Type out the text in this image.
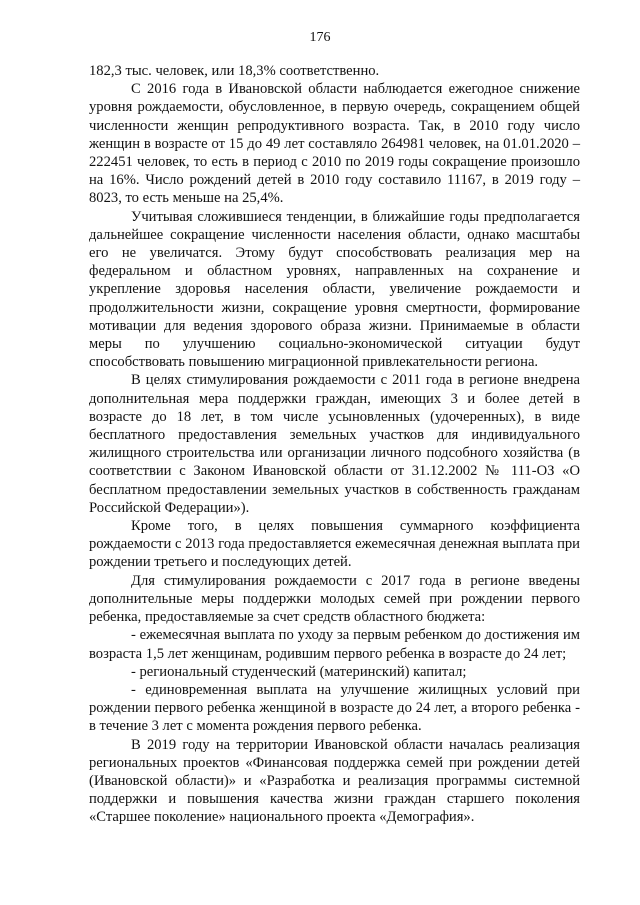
176

182,3 тыс. человек, или 18,3% соответственно.

С 2016 года в Ивановской области наблюдается ежегодное снижение уровня рождаемости, обусловленное, в первую очередь, сокращением общей численности женщин репродуктивного возраста. Так, в 2010 году число женщин в возрасте от 15 до 49 лет составляло 264981 человек, на 01.01.2020 – 222451 человек, то есть в период с 2010 по 2019 годы сокращение произошло на 16%. Число рождений детей в 2010 году составило 11167, в 2019 году – 8023, то есть меньше на 25,4%.

Учитывая сложившиеся тенденции, в ближайшие годы предполагается дальнейшее сокращение численности населения области, однако масштабы его не увеличатся. Этому будут способствовать реализация мер на федеральном и областном уровнях, направленных на сохранение и укрепление здоровья населения области, увеличение рождаемости и продолжительности жизни, сокращение уровня смертности, формирование мотивации для ведения здорового образа жизни. Принимаемые в области меры по улучшению социально-экономической ситуации будут способствовать повышению миграционной привлекательности региона.

В целях стимулирования рождаемости с 2011 года в регионе внедрена дополнительная мера поддержки граждан, имеющих 3 и более детей в возрасте до 18 лет, в том числе усыновленных (удочеренных), в виде бесплатного предоставления земельных участков для индивидуального жилищного строительства или организации личного подсобного хозяйства (в соответствии с Законом Ивановской области от 31.12.2002 № 111-ОЗ «О бесплатном предоставлении земельных участков в собственность гражданам Российской Федерации»).

Кроме того, в целях повышения суммарного коэффициента рождаемости с 2013 года предоставляется ежемесячная денежная выплата при рождении третьего и последующих детей.

Для стимулирования рождаемости с 2017 года в регионе введены дополнительные меры поддержки молодых семей при рождении первого ребенка, предоставляемые за счет средств областного бюджета:

- ежемесячная выплата по уходу за первым ребенком до достижения им возраста 1,5 лет женщинам, родившим первого ребенка в возрасте до 24 лет;

- региональный студенческий (материнский) капитал;

- единовременная выплата на улучшение жилищных условий при рождении первого ребенка женщиной в возрасте до 24 лет, а второго ребенка - в течение 3 лет с момента рождения первого ребенка.

В 2019 году на территории Ивановской области началась реализация региональных проектов «Финансовая поддержка семей при рождении детей (Ивановской области)» и «Разработка и реализация программы системной поддержки и повышения качества жизни граждан старшего поколения «Старшее поколение» национального проекта «Демография».
